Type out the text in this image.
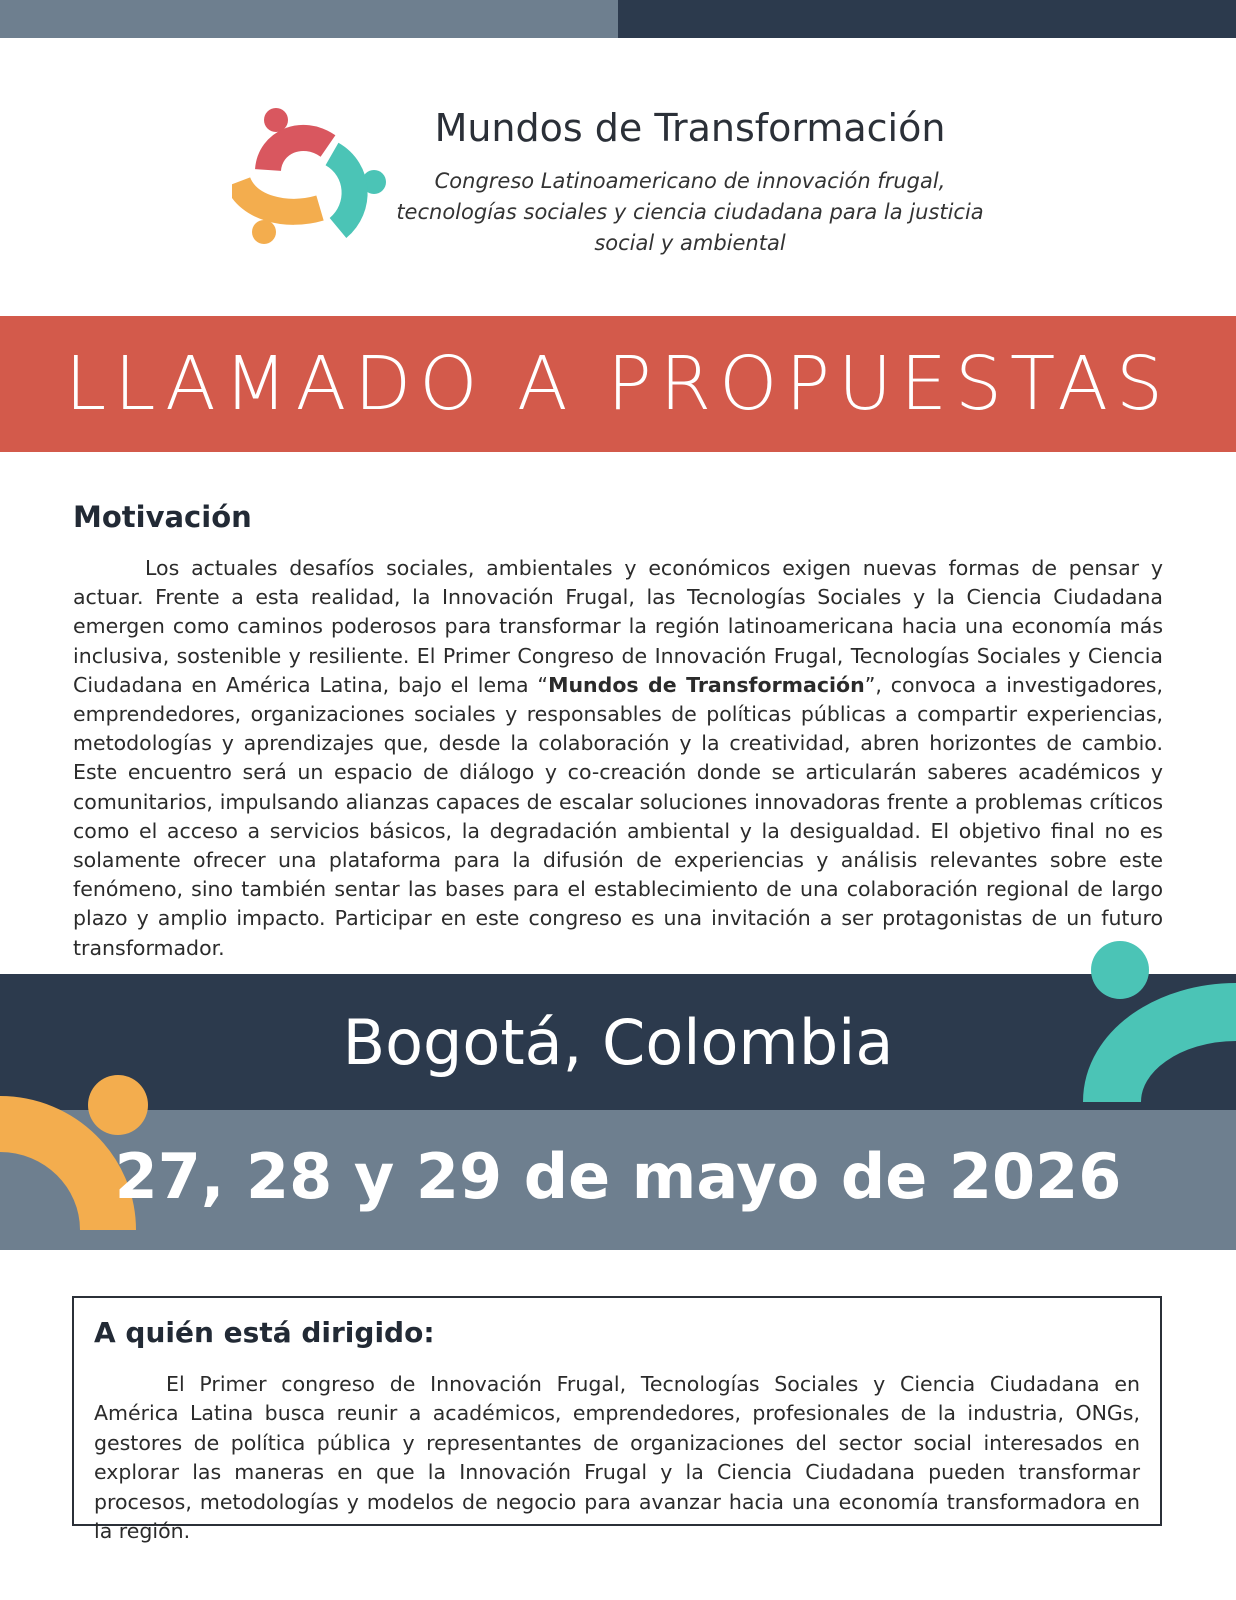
Mundos de Transformación
Congreso Latinoamericano de innovación frugal, tecnologías sociales y ciencia ciudadana para la justicia social y ambiental
LLAMADO A PROPUESTAS
Motivación

Los actuales desafíos sociales, ambientales y económicos exigen nuevas formas de pensar y actuar. Frente a esta realidad, la Innovación Frugal, las Tecnologías Sociales y la Ciencia Ciudadana emergen como caminos poderosos para transformar la región latinoamericana hacia una economía más inclusiva, sostenible y resiliente. El Primer Congreso de Innovación Frugal, Tecnologías Sociales y Ciencia Ciudadana en América Latina, bajo el lema “Mundos de Transformación”, convoca a investigadores, emprendedores, organizaciones sociales y responsables de políticas públicas a compartir experiencias, metodologías y aprendizajes que, desde la colaboración y la creatividad, abren horizontes de cambio. Este encuentro será un espacio de diálogo y co-creación donde se articularán saberes académicos y comunitarios, impulsando alianzas capaces de escalar soluciones innovadoras frente a problemas críticos como el acceso a servicios básicos, la degradación ambiental y la desigualdad. El objetivo final no es solamente ofrecer una plataforma para la difusión de experiencias y análisis relevantes sobre este fenómeno, sino también sentar las bases para el establecimiento de una colaboración regional de largo plazo y amplio impacto. Participar en este congreso es una invitación a ser protagonistas de un futuro transformador.

Bogotá, Colombia
27, 28 y 29 de mayo de 2026
A quién está dirigido:

El Primer congreso de Innovación Frugal, Tecnologías Sociales y Ciencia Ciudadana en América Latina busca reunir a académicos, emprendedores, profesionales de la industria, ONGs, gestores de política pública y representantes de organizaciones del sector social interesados en explorar las maneras en que la Innovación Frugal y la Ciencia Ciudadana pueden transformar procesos, metodologías y modelos de negocio para avanzar hacia una economía transformadora en la región.
